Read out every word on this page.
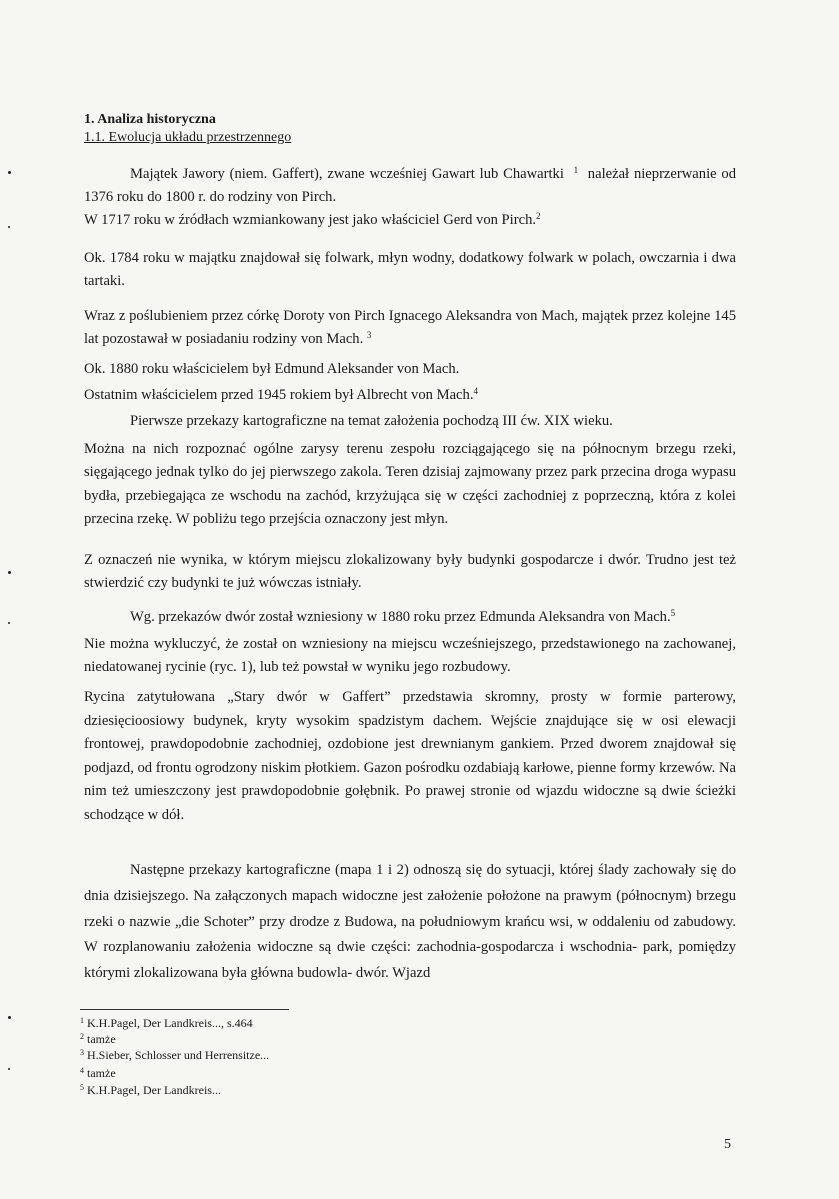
1. Analiza historyczna
1.1. Ewolucja układu przestrzennego
Majątek Jawory (niem. Gaffert), zwane wcześniej Gawart lub Chawartki $^1$ należał nieprzerwanie od 1376 roku do 1800 r. do rodziny von Pirch.
W 1717 roku w źródłach wzmiankowany jest jako właściciel Gerd von Pirch.$^2$
Ok. 1784 roku w majątku znajdował się folwark, młyn wodny, dodatkowy folwark w polach, owczarnia i dwa tartaki.
Wraz z poślubieniem przez córkę Doroty von Pirch Ignacego Aleksandra von Mach, majątek przez kolejne 145 lat pozostawał w posiadaniu rodziny von Mach. $^3$
Ok. 1880 roku właścicielem był Edmund Aleksander von Mach.
Ostatnim właścicielem przed 1945 rokiem był Albrecht von Mach.$^4$
Pierwsze przekazy kartograficzne na temat założenia pochodzą III ćw. XIX wieku.
Można na nich rozpoznać ogólne zarysy terenu zespołu rozciągającego się na północnym brzegu rzeki, sięgającego jednak tylko do jej pierwszego zakola. Teren dzisiaj zajmowany przez park przecina droga wypasu bydła, przebiegająca ze wschodu na zachód, krzyżująca się w części zachodniej z poprzeczną, która z kolei przecina rzekę. W pobliżu tego przejścia oznaczony jest młyn.
Z oznaczeń nie wynika, w którym miejscu zlokalizowany były budynki gospodarcze i dwór. Trudno jest też stwierdzić czy budynki te już wówczas istniały.
Wg. przekazów dwór został wzniesiony w 1880 roku przez Edmunda Aleksandra von Mach.$^5$
Nie można wykluczyć, że został on wzniesiony na miejscu wcześniejszego, przedstawionego na zachowanej, niedatowanej rycinie (ryc. 1), lub też powstał w wyniku jego rozbudowy.
Rycina zatytułowana „Stary dwór w Gaffert” przedstawia skromny, prosty w formie parterowy, dziesięcioosiowy budynek, kryty wysokim spadzistym dachem. Wejście znajdujące się w osi elewacji frontowej, prawdopodobnie zachodniej, ozdobione jest drewnianym gankiem. Przed dworem znajdował się podjazd, od frontu ogrodzony niskim płotkiem. Gazon pośrodku ozdabiają karłowe, pienne formy krzewów. Na nim też umieszczony jest prawdopodobnie gołębnik. Po prawej stronie od wjazdu widoczne są dwie ścieżki schodzące w dół.
Następne przekazy kartograficzne (mapa 1 i 2) odnoszą się do sytuacji, której ślady zachowały się do dnia dzisiejszego. Na załączonych mapach widoczne jest założenie położone na prawym (północnym) brzegu rzeki o nazwie „die Schoter” przy drodze z Budowa, na południowym krańcu wsi, w oddaleniu od zabudowy. W rozplanowaniu założenia widoczne są dwie części: zachodnia-gospodarcza i wschodnia- park, pomiędzy którymi zlokalizowana była główna budowla- dwór. Wjazd
$^1$ K.H.Pagel, Der Landkreis..., s.464
$^2$ tamże
$^3$ H.Sieber, Schlosser und Herrensitze...
$^4$ tamże
$^5$ K.H.Pagel, Der Landkreis...
5
